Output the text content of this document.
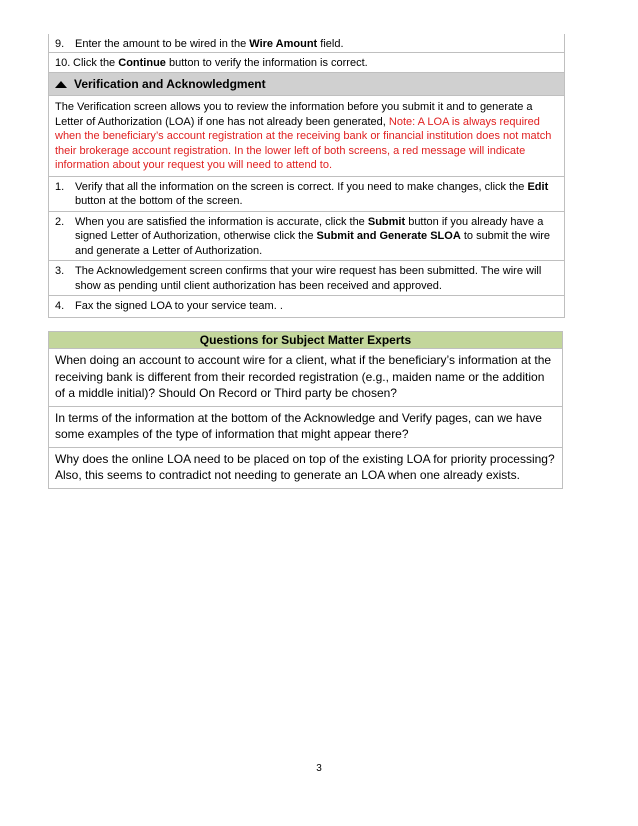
9. Enter the amount to be wired in the Wire Amount field.
10. Click the Continue button to verify the information is correct.
Verification and Acknowledgment
The Verification screen allows you to review the information before you submit it and to generate a Letter of Authorization (LOA) if one has not already been generated, Note: A LOA is always required when the beneficiary’s account registration at the receiving bank or financial institution does not match their brokerage account registration. In the lower left of both screens, a red message will indicate information about your request you will need to attend to.
1. Verify that all the information on the screen is correct. If you need to make changes, click the Edit button at the bottom of the screen.
2. When you are satisfied the information is accurate, click the Submit button if you already have a signed Letter of Authorization, otherwise click the Submit and Generate SLOA to submit the wire and generate a Letter of Authorization.
3. The Acknowledgement screen confirms that your wire request has been submitted. The wire will show as pending until client authorization has been received and approved.
4. Fax the signed LOA to your service team. .
Questions for Subject Matter Experts
When doing an account to account wire for a client, what if the beneficiary’s information at the receiving bank is different from their recorded registration (e.g., maiden name or the addition of a middle initial)? Should On Record or Third party be chosen?
In terms of the information at the bottom of the Acknowledge and Verify pages, can we have some examples of the type of information that might appear there?
Why does the online LOA need to be placed on top of the existing LOA for priority processing? Also, this seems to contradict not needing to generate an LOA when one already exists.
3
